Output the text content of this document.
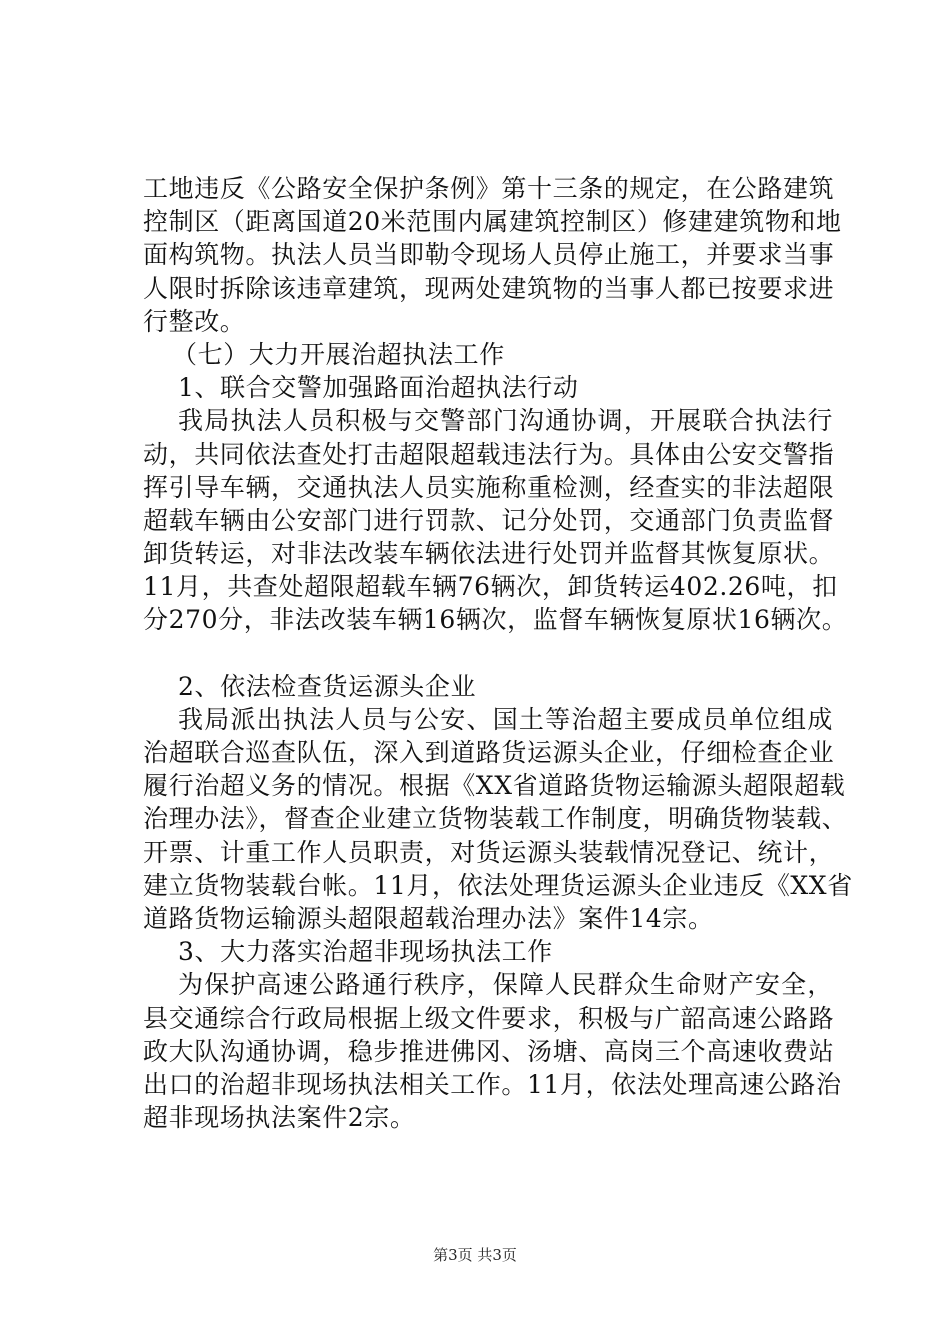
工地违反《公路安全保护条例》第十三条的规定，在公路建筑
控制区（距离国道20米范围内属建筑控制区）修建建筑物和地
面构筑物。执法人员当即勒令现场人员停止施工，并要求当事
人限时拆除该违章建筑，现两处建筑物的当事人都已按要求进
行整改。
（七）大力开展治超执法工作
1、联合交警加强路面治超执法行动
我局执法人员积极与交警部门沟通协调，开展联合执法行
动，共同依法查处打击超限超载违法行为。具体由公安交警指
挥引导车辆，交通执法人员实施称重检测，经查实的非法超限
超载车辆由公安部门进行罚款、记分处罚，交通部门负责监督
卸货转运，对非法改装车辆依法进行处罚并监督其恢复原状。
11月，共查处超限超载车辆76辆次，卸货转运402.26吨，扣
分270分，非法改装车辆16辆次，监督车辆恢复原状16辆次。
2、依法检查货运源头企业
我局派出执法人员与公安、国土等治超主要成员单位组成
治超联合巡查队伍，深入到道路货运源头企业，仔细检查企业
履行治超义务的情况。根据《XX省道路货物运输源头超限超载
治理办法》，督查企业建立货物装载工作制度，明确货物装载、
开票、计重工作人员职责，对货运源头装载情况登记、统计，
建立货物装载台帐。11月，依法处理货运源头企业违反《XX省
道路货物运输源头超限超载治理办法》案件14宗。
3、大力落实治超非现场执法工作
为保护高速公路通行秩序，保障人民群众生命财产安全，
县交通综合行政局根据上级文件要求，积极与广韶高速公路路
政大队沟通协调，稳步推进佛冈、汤塘、高岗三个高速收费站
出口的治超非现场执法相关工作。11月，依法处理高速公路治
超非现场执法案件2宗。
第3页 共3页
